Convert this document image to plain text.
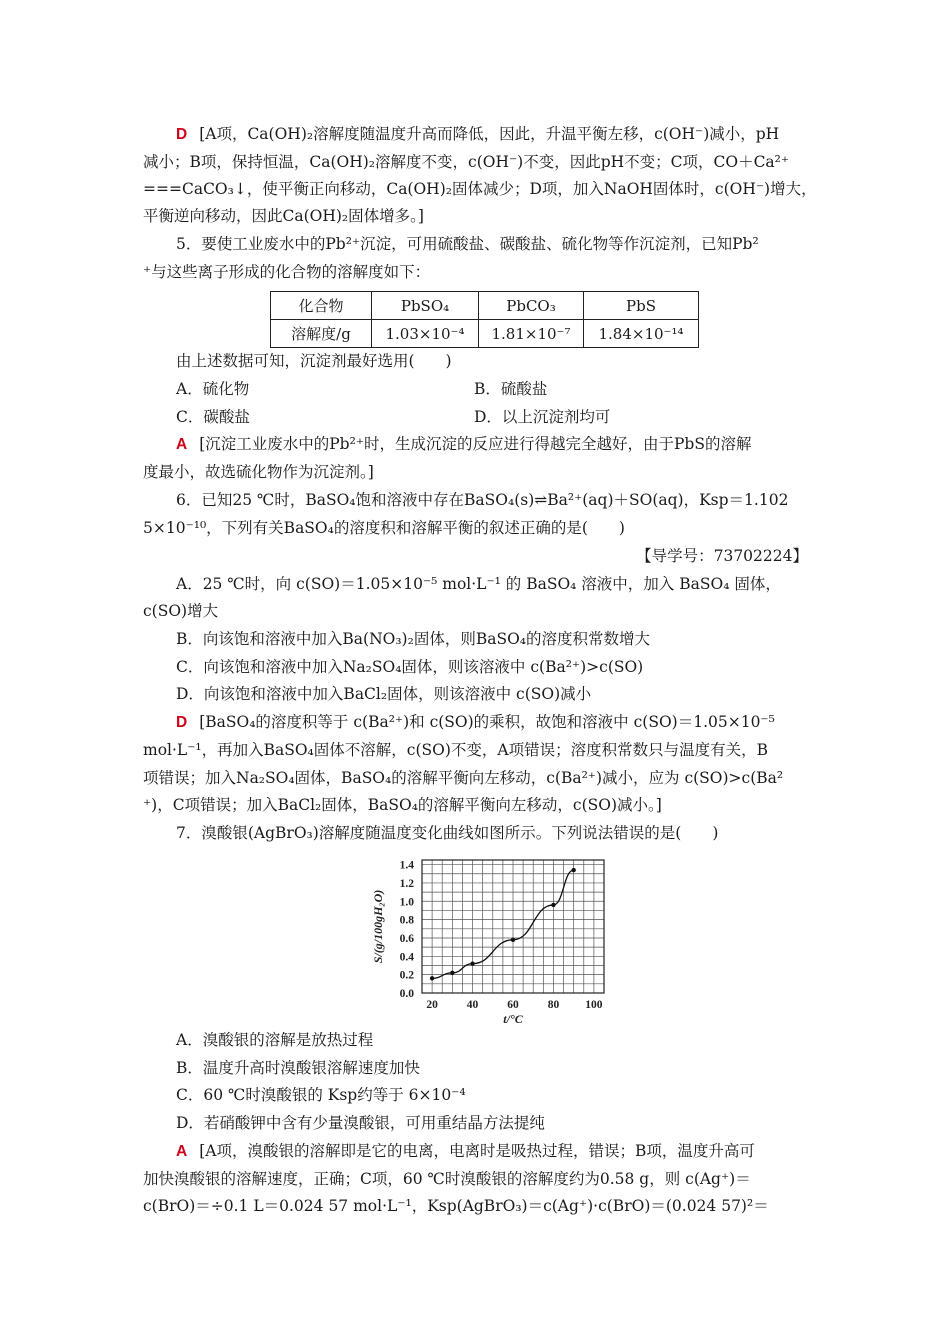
D [A项，Ca(OH)₂溶解度随温度升高而降低，因此，升温平衡左移，c(OH⁻)减小，pH
减小；B项，保持恒温，Ca(OH)₂溶解度不变，c(OH⁻)不变，因此pH不变；C项，CO＋Ca²⁺
===CaCO₃↓，使平衡正向移动，Ca(OH)₂固体减少；D项，加入NaOH固体时，c(OH⁻)增大，
平衡逆向移动，因此Ca(OH)₂固体增多。]
5．要使工业废水中的Pb²⁺沉淀，可用硫酸盐、碳酸盐、硫化物等作沉淀剂，已知Pb²
⁺与这些离子形成的化合物的溶解度如下：
化合物	PbSO₄	PbCO₃	PbS
溶解度/g	1.03×10⁻⁴	1.81×10⁻⁷	1.84×10⁻¹⁴
由上述数据可知，沉淀剂最好选用(　　)
A．硫化物	B．硫酸盐
C．碳酸盐	D．以上沉淀剂均可
A [沉淀工业废水中的Pb²⁺时，生成沉淀的反应进行得越完全越好，由于PbS的溶解
度最小，故选硫化物作为沉淀剂。]
6．已知25 ℃时，BaSO₄饱和溶液中存在BaSO₄(s)⇌Ba²⁺(aq)＋SO(aq)，Ksp＝1.102
5×10⁻¹⁰，下列有关BaSO₄的溶度积和溶解平衡的叙述正确的是(　　)
【导学号：73702224】
A．25 ℃时，向 c(SO)＝1.05×10⁻⁵ mol·L⁻¹ 的 BaSO₄ 溶液中，加入 BaSO₄ 固体，
c(SO)增大
B．向该饱和溶液中加入Ba(NO₃)₂固体，则BaSO₄的溶度积常数增大
C．向该饱和溶液中加入Na₂SO₄固体，则该溶液中 c(Ba²⁺)>c(SO)
D．向该饱和溶液中加入BaCl₂固体，则该溶液中 c(SO)减小
D [BaSO₄的溶度积等于 c(Ba²⁺)和 c(SO)的乘积，故饱和溶液中 c(SO)＝1.05×10⁻⁵
mol·L⁻¹，再加入BaSO₄固体不溶解，c(SO)不变，A项错误；溶度积常数只与温度有关，B
项错误；加入Na₂SO₄固体，BaSO₄的溶解平衡向左移动，c(Ba²⁺)减小，应为 c(SO)>c(Ba²
⁺)，C项错误；加入BaCl₂固体，BaSO₄的溶解平衡向左移动，c(SO)减小。]
7．溴酸银(AgBrO₃)溶解度随温度变化曲线如图所示。下列说法错误的是(　　)
0.0
0.2
0.4
0.6
0.8
1.0
1.2
1.4
20	40	60	80 100
t/°C
S/(g/100gH₂O)
A．溴酸银的溶解是放热过程
B．温度升高时溴酸银溶解速度加快
C．60 ℃时溴酸银的 Ksp约等于 6×10⁻⁴
D．若硝酸钾中含有少量溴酸银，可用重结晶方法提纯
A [A项，溴酸银的溶解即是它的电离，电离时是吸热过程，错误；B项，温度升高可
加快溴酸银的溶解速度，正确；C项，60 ℃时溴酸银的溶解度约为0.58 g，则 c(Ag⁺)＝
c(BrO)＝÷0.1 L＝0.024 57 mol·L⁻¹，Ksp(AgBrO₃)＝c(Ag⁺)·c(BrO)＝(0.024 57)²＝
